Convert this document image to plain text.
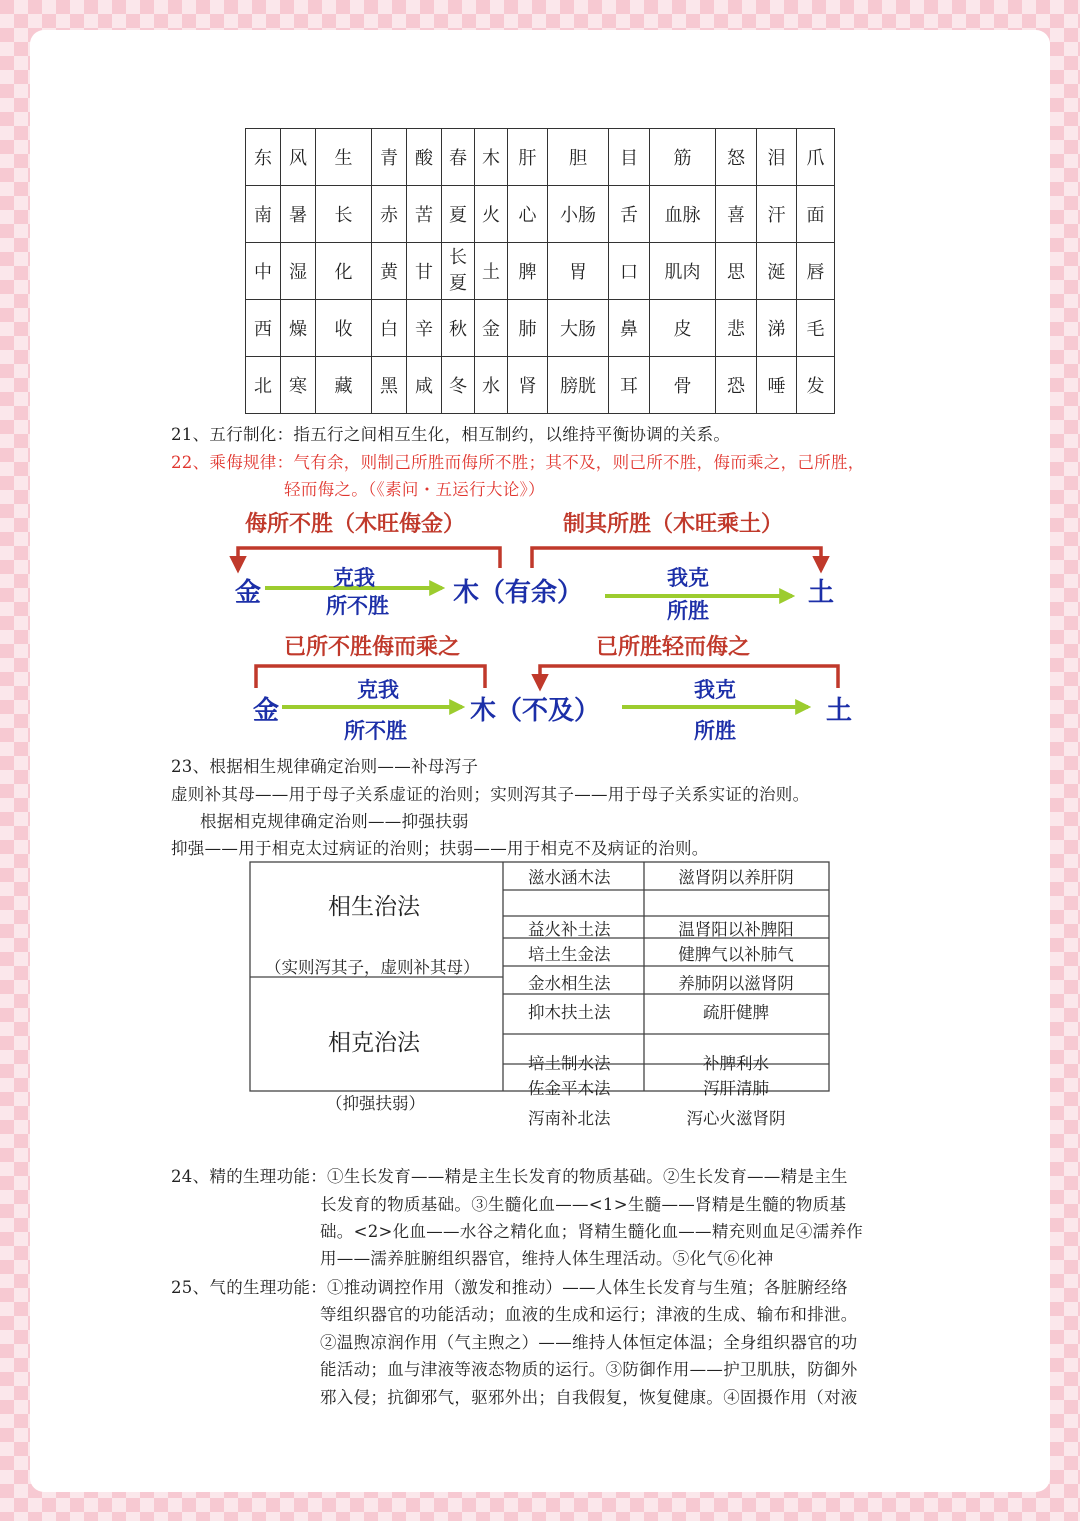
东	风	生	青	酸	春	木	肝	胆	目	筋	怒	泪	爪
南	暑	长	赤	苦	夏	火	心	小肠	舌	血脉	喜	汗	面
中	湿	化	黄	甘	长夏	土	脾	胃	口	肌肉	思	涎	唇
西	燥	收	白	辛	秋	金	肺	大肠	鼻	皮	悲	涕	毛
北	寒	藏	黑	咸	冬	水	肾	膀胱	耳	骨	恐	唾	发
21、五行制化：指五行之间相互生化，相互制约，以维持平衡协调的关系。
22、乘侮规律：气有余，则制己所胜而侮所不胜；其不及，则己所不胜，侮而乘之，己所胜，
轻而侮之。（《素问・五运行大论》）
侮所不胜（木旺侮金）	制其所胜（木旺乘土）
金	木（有余）	土
克我
所不胜
我克
所胜
已所不胜侮而乘之	已所胜轻而侮之
金	木（不及）	土
克我
所不胜
我克
所胜
23、根据相生规律确定治则——补母泻子
虚则补其母——用于母子关系虚证的治则；实则泻其子——用于母子关系实证的治则。
根据相克规律确定治则——抑强扶弱
抑强——用于相克太过病证的治则；扶弱——用于相克不及病证的治则。
相生治法
（实则泻其子，虚则补其母）
相克治法
（抑强扶弱）
滋水涵木法	滋肾阴以养肝阴
益火补土法	温肾阳以补脾阳
培土生金法	健脾气以补肺气
金水相生法	养肺阴以滋肾阴
抑木扶土法	疏肝健脾
培土制水法	补脾利水
佐金平木法	泻肝清肺
泻南补北法	泻心火滋肾阴
24、精的生理功能：①生长发育——精是主生长发育的物质基础。②生长发育——精是主生
长发育的物质基础。③生髓化血——<1>生髓——肾精是生髓的物质基
础。<2>化血——水谷之精化血；肾精生髓化血——精充则血足④濡养作
用——濡养脏腑组织器官，维持人体生理活动。⑤化气⑥化神
25、气的生理功能：①推动调控作用（激发和推动）——人体生长发育与生殖；各脏腑经络
等组织器官的功能活动；血液的生成和运行；津液的生成、输布和排泄。
②温煦凉润作用（气主煦之）——维持人体恒定体温；全身组织器官的功
能活动；血与津液等液态物质的运行。③防御作用——护卫肌肤，防御外
邪入侵；抗御邪气，驱邪外出；自我假复，恢复健康。④固摄作用（对液
